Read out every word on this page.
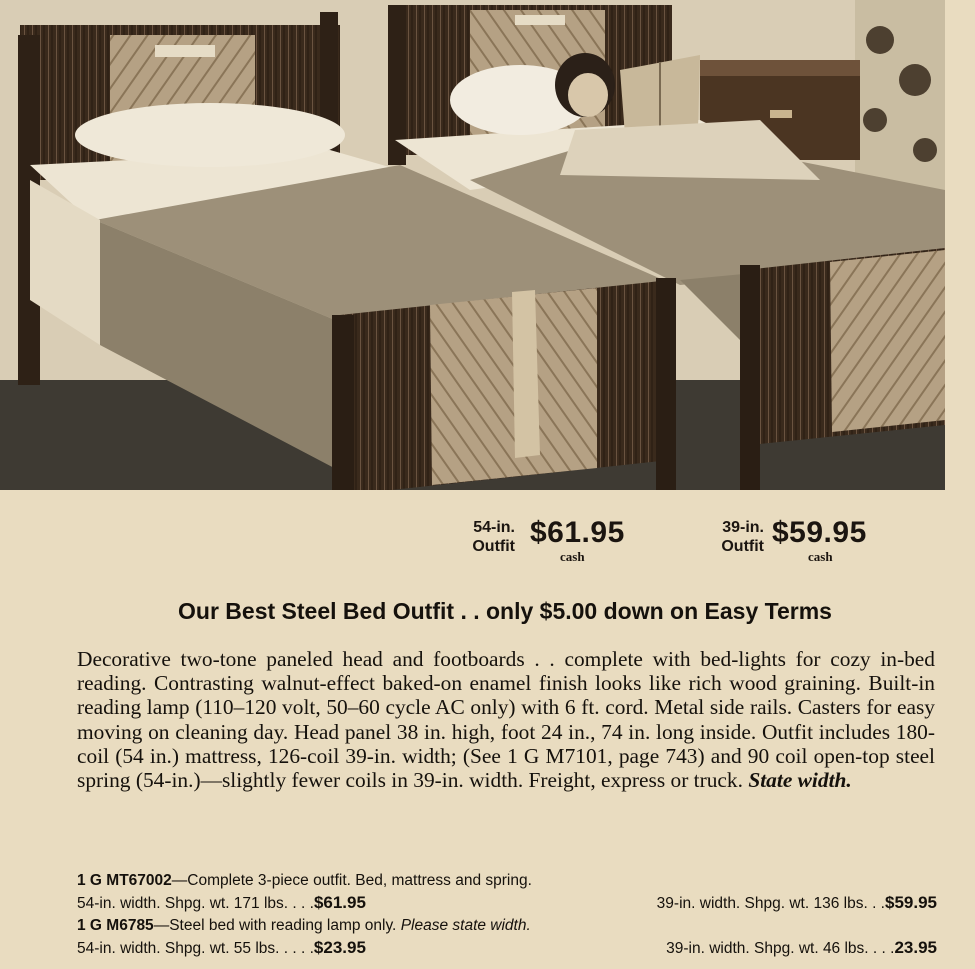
54-in.
Outfit $61.95
cash
39-in.
Outfit $59.95
cash
Our Best Steel Bed Outfit . . only $5.00 down on Easy Terms
Decorative two-tone paneled head and footboards . . complete with bed-lights for cozy in-bed reading. Contrasting walnut-effect baked-on enamel finish looks like rich wood graining. Built-in reading lamp (110–120 volt, 50–60 cycle AC only) with 6 ft. cord. Metal side rails. Casters for easy moving on cleaning day. Head panel 38 in. high, foot 24 in., 74 in. long inside. Outfit includes 180-coil (54 in.) mattress, 126-coil 39-in. width; (See 1 G M7101, page 743) and 90 coil open-top steel spring (54-in.)—slightly fewer coils in 39-in. width. Freight, express or truck. State width.
1 G MT67002—Complete 3-piece outfit. Bed, mattress and spring.
54-in. width. Shpg. wt. 171 lbs. . . .$61.95	39-in. width. Shpg. wt. 136 lbs. . .$59.95
1 G M6785—Steel bed with reading lamp only. Please state width.
54-in. width. Shpg. wt. 55 lbs. . . . .$23.95	39-in. width. Shpg. wt. 46 lbs. . . .23.95
